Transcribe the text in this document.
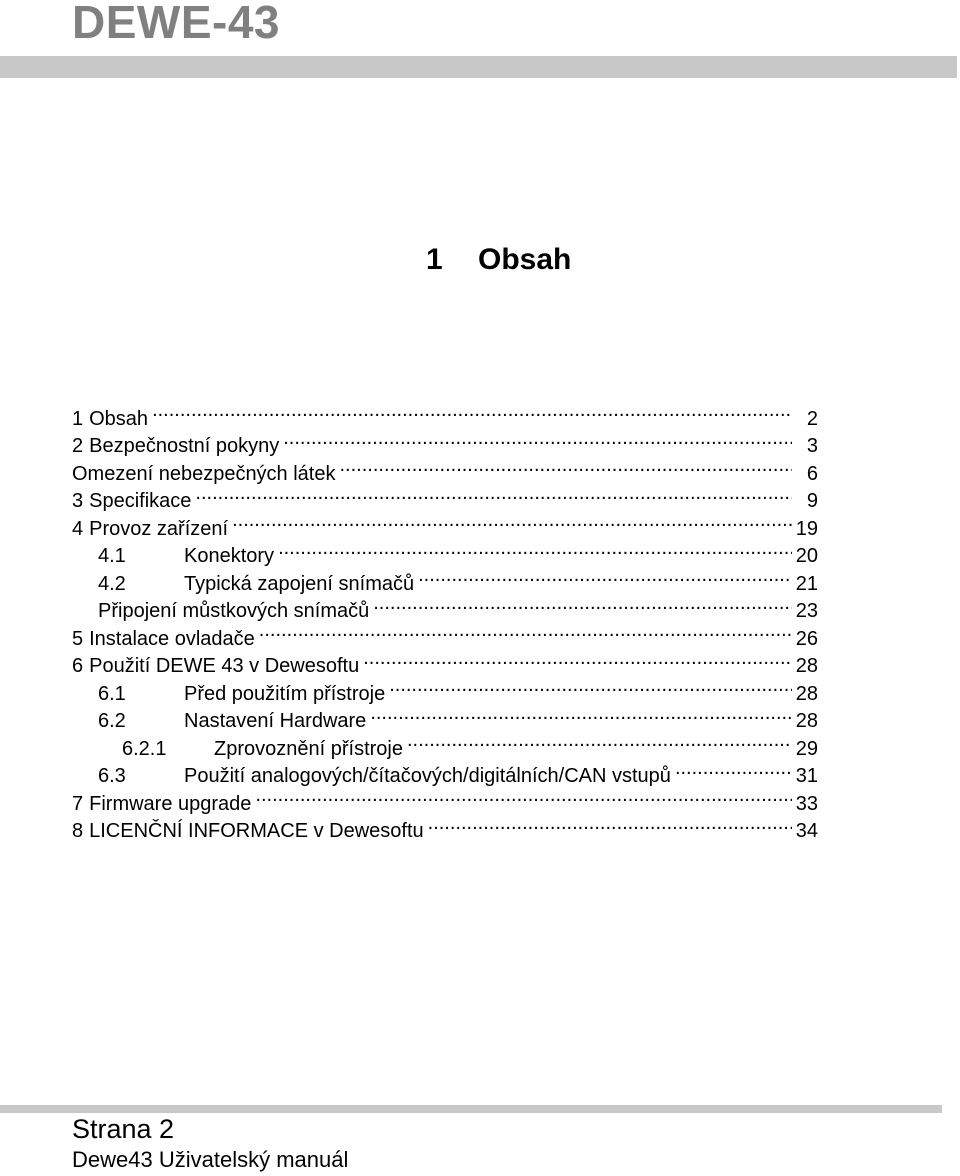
DEWE-43
1 Obsah
1 Obsah .....	2
2 Bezpečnostní pokyny .....	3
Omezení nebezpečných látek .....	6
3 Specifikace .....	9
4 Provoz zařízení .....	19
4.1	Konektory .....	20
4.2	Typická zapojení snímačů .....	21
Připojení můstkových snímačů .....	23
5 Instalace ovladače .....	26
6 Použití DEWE 43 v Dewesoftu .....	28
6.1	Před použitím přístroje .....	28
6.2	Nastavení Hardware .....	28
6.2.1	Zprovoznění přístroje .....	29
6.3	Použití analogových/čítačových/digitálních/CAN vstupů .....	31
7 Firmware upgrade .....	33
8 LICENČNÍ INFORMACE v Dewesoftu .....	34
Strana 2
Dewe43 Uživatelský manuál
